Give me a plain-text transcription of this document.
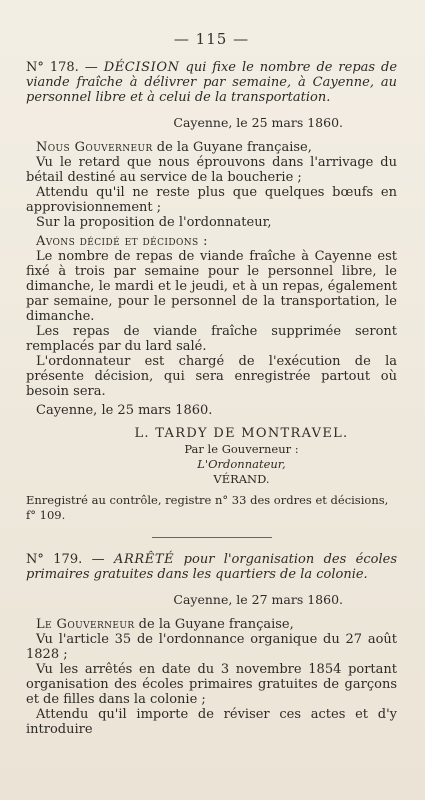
— 115 —

N° 178. — DÉCISION qui fixe le nombre de repas de viande fraîche à délivrer par semaine, à Cayenne, au personnel libre et à celui de la transportation.

Cayenne, le 25 mars 1860.

Nous Gouverneur de la Guyane française,

Vu le retard que nous éprouvons dans l'arrivage du bétail destiné au service de la boucherie ;

Attendu qu'il ne reste plus que quelques bœufs en approvisionnement ;

Sur la proposition de l'ordonnateur,

Avons décidé et décidons :

Le nombre de repas de viande fraîche à Cayenne est fixé à trois par semaine pour le personnel libre, le dimanche, le mardi et le jeudi, et à un repas, également par semaine, pour le personnel de la transportation, le dimanche.

Les repas de viande fraîche supprimée seront remplacés par du lard salé.

L'ordonnateur est chargé de l'exécution de la présente décision, qui sera enregistrée partout où besoin sera.

Cayenne, le 25 mars 1860.

L. TARDY DE MONTRAVEL.
Par le Gouverneur :
L'Ordonnateur,
VÉRAND.
Enregistré au contrôle, registre n° 33 des ordres et décisions, f° 109.

N° 179. — ARRÊTÉ pour l'organisation des écoles primaires gratuites dans les quartiers de la colonie.

Cayenne, le 27 mars 1860.

Le Gouverneur de la Guyane française,

Vu l'article 35 de l'ordonnance organique du 27 août 1828 ;

Vu les arrêtés en date du 3 novembre 1854 portant organisation des écoles primaires gratuites de garçons et de filles dans la colonie ;

Attendu qu'il importe de réviser ces actes et d'y introduire
